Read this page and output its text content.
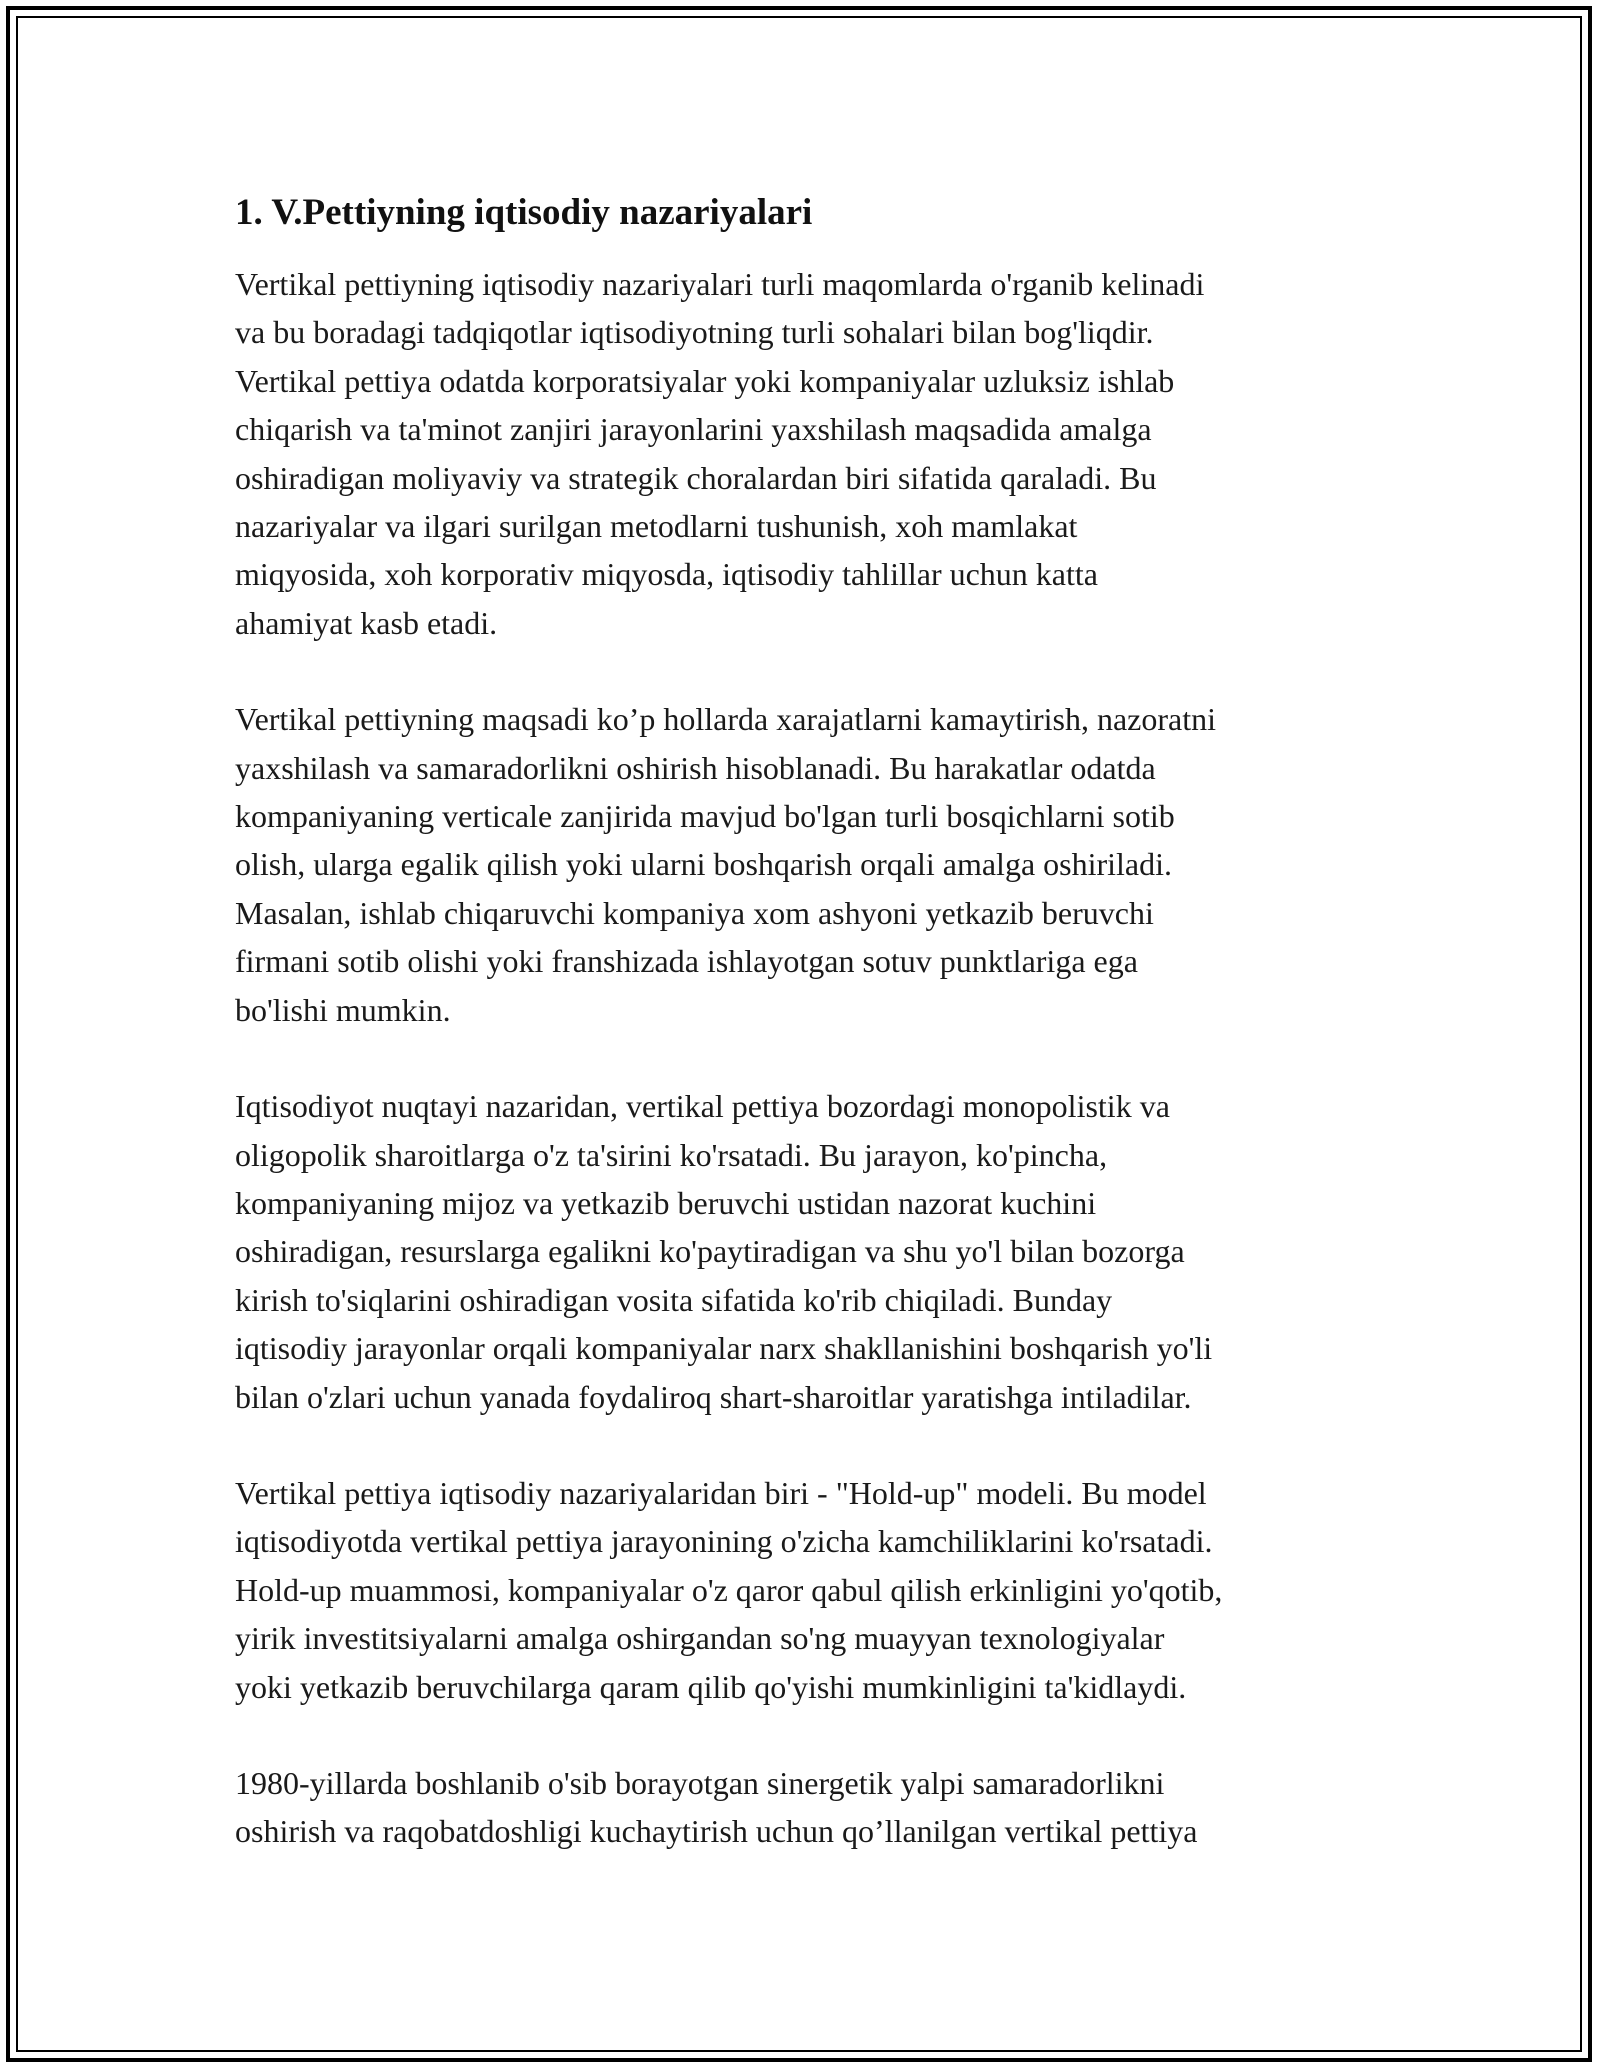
1. V.Pettiyning iqtisodiy nazariyalari
Vertikal pettiyning iqtisodiy nazariyalari turli maqomlarda o'rganib kelinadi
va bu boradagi tadqiqotlar iqtisodiyotning turli sohalari bilan bog'liqdir.
Vertikal pettiya odatda korporatsiyalar yoki kompaniyalar uzluksiz ishlab
chiqarish va ta'minot zanjiri jarayonlarini yaxshilash maqsadida amalga
oshiradigan moliyaviy va strategik choralardan biri sifatida qaraladi. Bu
nazariyalar va ilgari surilgan metodlarni tushunish, xoh mamlakat
miqyosida, xoh korporativ miqyosda, iqtisodiy tahlillar uchun katta
ahamiyat kasb etadi.
Vertikal pettiyning maqsadi ko’p hollarda xarajatlarni kamaytirish, nazoratni
yaxshilash va samaradorlikni oshirish hisoblanadi. Bu harakatlar odatda
kompaniyaning verticale zanjirida mavjud bo'lgan turli bosqichlarni sotib
olish, ularga egalik qilish yoki ularni boshqarish orqali amalga oshiriladi.
Masalan, ishlab chiqaruvchi kompaniya xom ashyoni yetkazib beruvchi
firmani sotib olishi yoki franshizada ishlayotgan sotuv punktlariga ega
bo'lishi mumkin.
Iqtisodiyot nuqtayi nazaridan, vertikal pettiya bozordagi monopolistik va
oligopolik sharoitlarga o'z ta'sirini ko'rsatadi. Bu jarayon, ko'pincha,
kompaniyaning mijoz va yetkazib beruvchi ustidan nazorat kuchini
oshiradigan, resurslarga egalikni ko'paytiradigan va shu yo'l bilan bozorga
kirish to'siqlarini oshiradigan vosita sifatida ko'rib chiqiladi. Bunday
iqtisodiy jarayonlar orqali kompaniyalar narx shakllanishini boshqarish yo'li
bilan o'zlari uchun yanada foydaliroq shart-sharoitlar yaratishga intiladilar.
Vertikal pettiya iqtisodiy nazariyalaridan biri - "Hold-up" modeli. Bu model
iqtisodiyotda vertikal pettiya jarayonining o'zicha kamchiliklarini ko'rsatadi.
Hold-up muammosi, kompaniyalar o'z qaror qabul qilish erkinligini yo'qotib,
yirik investitsiyalarni amalga oshirgandan so'ng muayyan texnologiyalar
yoki yetkazib beruvchilarga qaram qilib qo'yishi mumkinligini ta'kidlaydi.
1980-yillarda boshlanib o'sib borayotgan sinergetik yalpi samaradorlikni
oshirish va raqobatdoshligi kuchaytirish uchun qo’llanilgan vertikal pettiya
